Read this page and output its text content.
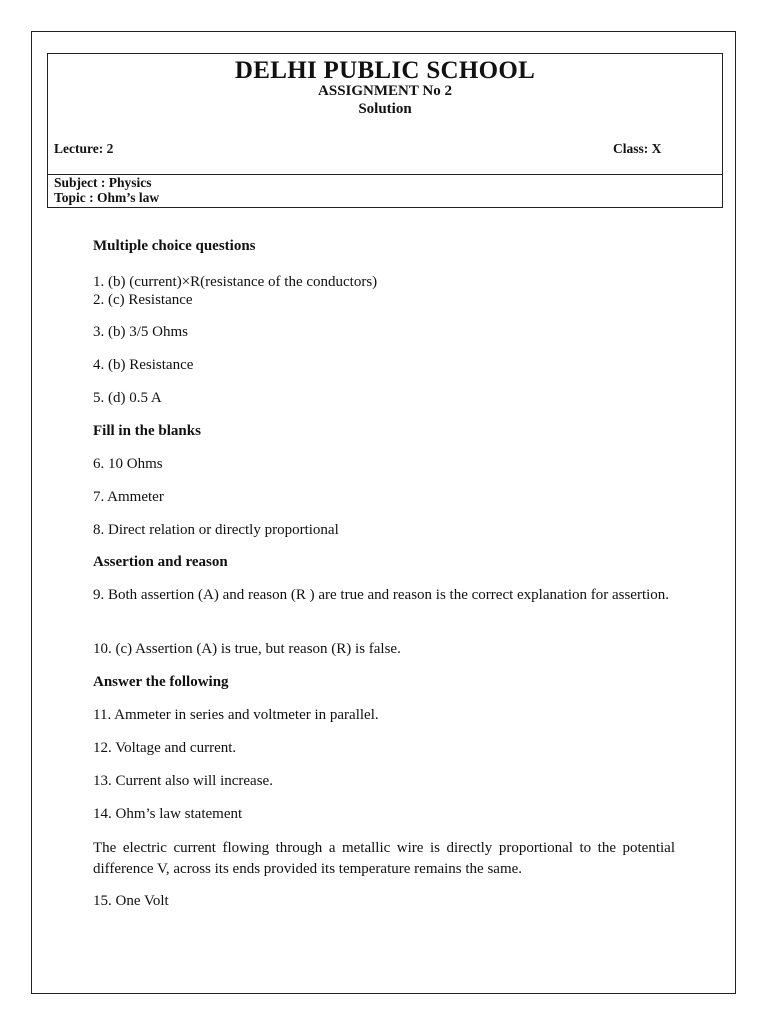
DELHI PUBLIC SCHOOL
ASSIGNMENT No 2
Solution
Lecture: 2	Class: X
Subject : Physics
Topic : Ohm’s law
Multiple choice questions
1. (b) (current)×R(resistance of the conductors)
2. (c) Resistance
3. (b) 3/5 Ohms
4. (b) Resistance
5. (d) 0.5 A
Fill in the blanks
6. 10 Ohms
7. Ammeter
8. Direct relation or directly proportional
Assertion and reason
9. Both assertion (A) and reason (R ) are true and reason is the correct explanation for assertion.
10. (c) Assertion (A) is true, but reason (R) is false.
Answer the following
11. Ammeter in series and voltmeter in parallel.
12. Voltage and current.
13. Current also will increase.
14. Ohm’s law statement
The electric current flowing through a metallic wire is directly proportional to the potential difference V, across its ends provided its temperature remains the same.
15. One Volt
